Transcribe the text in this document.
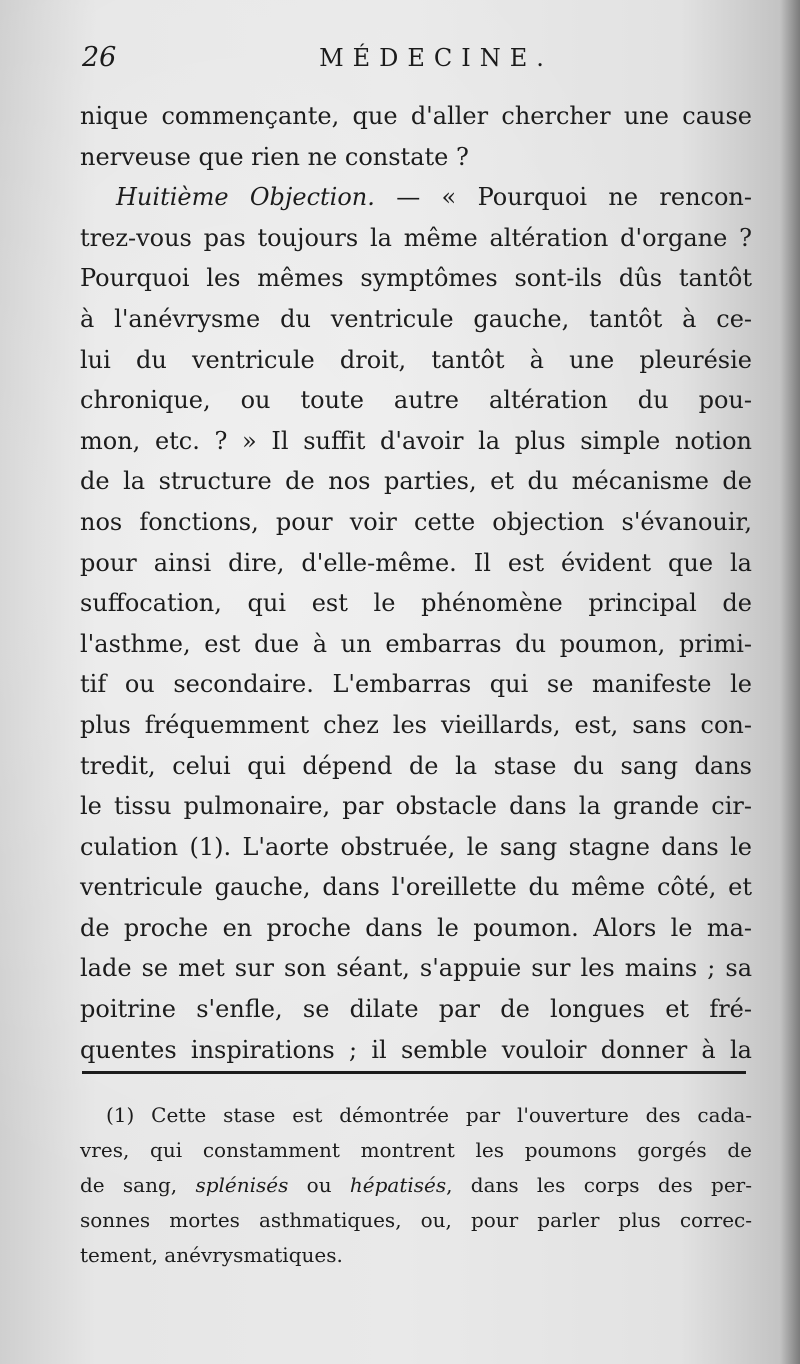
26	MÉDECINE.
nique commençante, que d'aller chercher une cause
nerveuse que rien ne constate ?
Huitième Objection. — « Pourquoi ne rencon-
trez-vous pas toujours la même altération d'organe ?
Pourquoi les mêmes symptômes sont-ils dûs tantôt
à l'anévrysme du ventricule gauche, tantôt à ce-
lui du ventricule droit, tantôt à une pleurésie
chronique, ou toute autre altération du pou-
mon, etc. ? » Il suffit d'avoir la plus simple notion
de la structure de nos parties, et du mécanisme de
nos fonctions, pour voir cette objection s'évanouir,
pour ainsi dire, d'elle-même. Il est évident que la
suffocation, qui est le phénomène principal de
l'asthme, est due à un embarras du poumon, primi-
tif ou secondaire. L'embarras qui se manifeste le
plus fréquemment chez les vieillards, est, sans con-
tredit, celui qui dépend de la stase du sang dans
le tissu pulmonaire, par obstacle dans la grande cir-
culation (1). L'aorte obstruée, le sang stagne dans le
ventricule gauche, dans l'oreillette du même côté, et
de proche en proche dans le poumon. Alors le ma-
lade se met sur son séant, s'appuie sur les mains ; sa
poitrine s'enfle, se dilate par de longues et fré-
quentes inspirations ; il semble vouloir donner à la
(1) Cette stase est démontrée par l'ouverture des cada-
vres, qui constamment montrent les poumons gorgés de
de sang, splénisés ou hépatisés, dans les corps des per-
sonnes mortes asthmatiques, ou, pour parler plus correc-
tement, anévrysmatiques.
